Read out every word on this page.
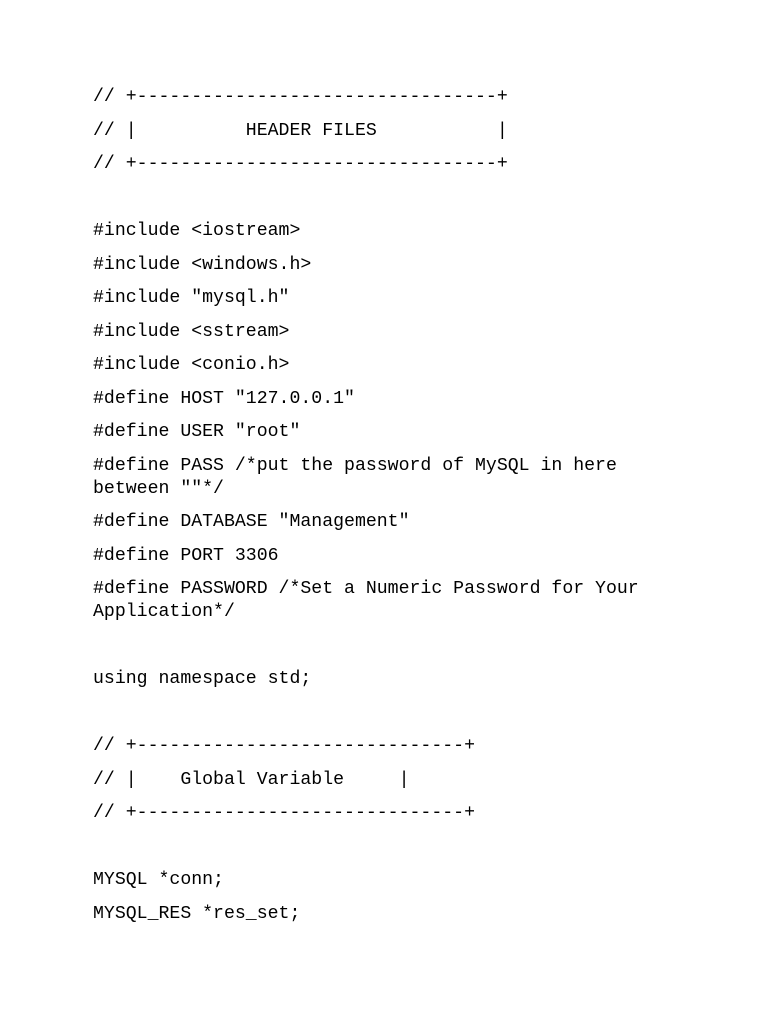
// +---------------------------------+
// |          HEADER FILES           |
// +---------------------------------+
#include <iostream>
#include <windows.h>
#include "mysql.h"
#include <sstream>
#include <conio.h>
#define HOST "127.0.0.1"
#define USER "root"
#define PASS /*put the password of MySQL in here
between ""*/
#define DATABASE "Management"
#define PORT 3306
#define PASSWORD /*Set a Numeric Password for Your
Application*/
using namespace std;
// +------------------------------+
// |    Global Variable     |
// +------------------------------+
MYSQL *conn;
MYSQL_RES *res_set;
